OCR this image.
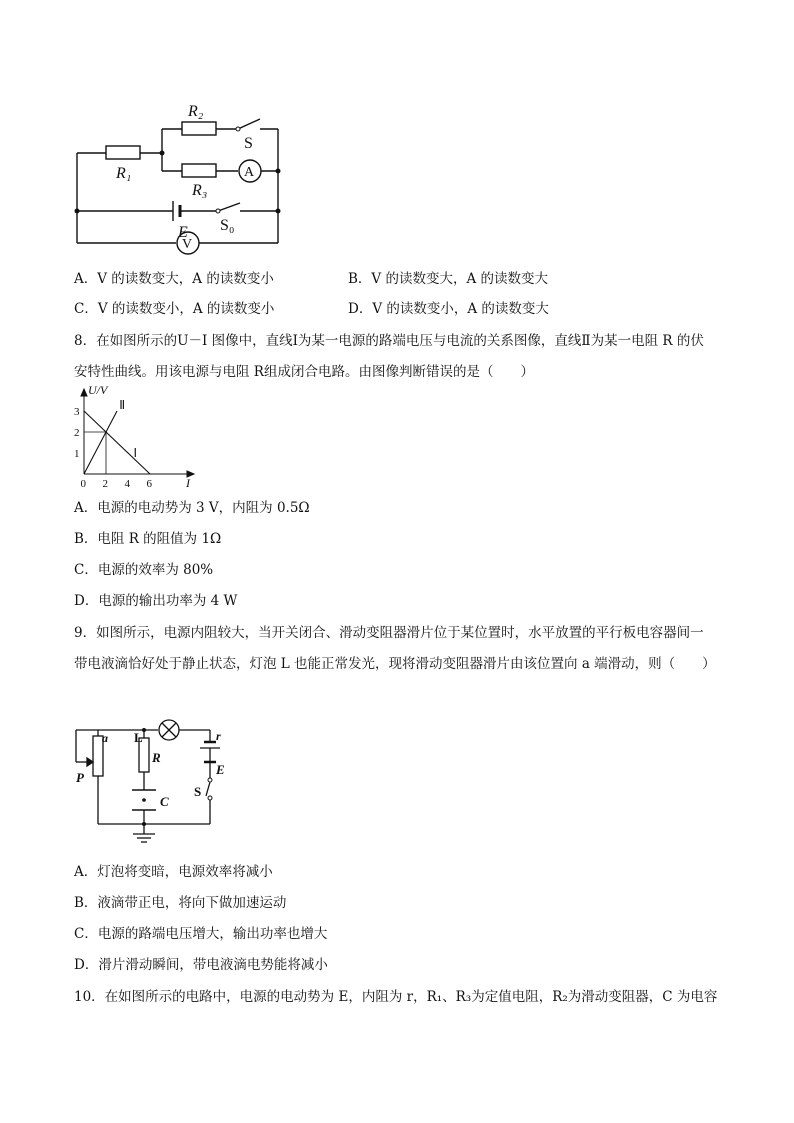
R₂
S
R₁	A
R₃
E S₀
V
A．V 的读数变大，A 的读数变小	B．V 的读数变大，A 的读数变大
C．V 的读数变小，A 的读数变小	D．V 的读数变小，A 的读数变大
8．在如图所示的U－I 图像中，直线Ⅰ为某一电源的路端电压与电流的关系图像，直线Ⅱ为某一电阻 R 的伏
安特性曲线。用该电源与电阻 R组成闭合电路。由图像判断错误的是（　　）
Ⅱ
Ⅰ
0 2 4 6
1
2
3
U/V
I
A．电源的电动势为 3 V，内阻为 0.5Ω
B．电阻 R 的阻值为 1Ω
C．电源的效率为 80%
D．电源的输出功率为 4 W
9．如图所示，电源内阻较大，当开关闭合、滑动变阻器滑片位于某位置时，水平放置的平行板电容器间一
带电液滴恰好处于静止状态，灯泡 L 也能正常发光，现将滑动变阻器滑片由该位置向 a 端滑动，则（　　）
a L
R
P
C
r
E
S
A．灯泡将变暗，电源效率将减小
B．液滴带正电，将向下做加速运动
C．电源的路端电压增大，输出功率也增大
D．滑片滑动瞬间，带电液滴电势能将减小
10．在如图所示的电路中，电源的电动势为 E，内阻为 r，R₁、R₃为定值电阻，R₂为滑动变阻器，C 为电容
